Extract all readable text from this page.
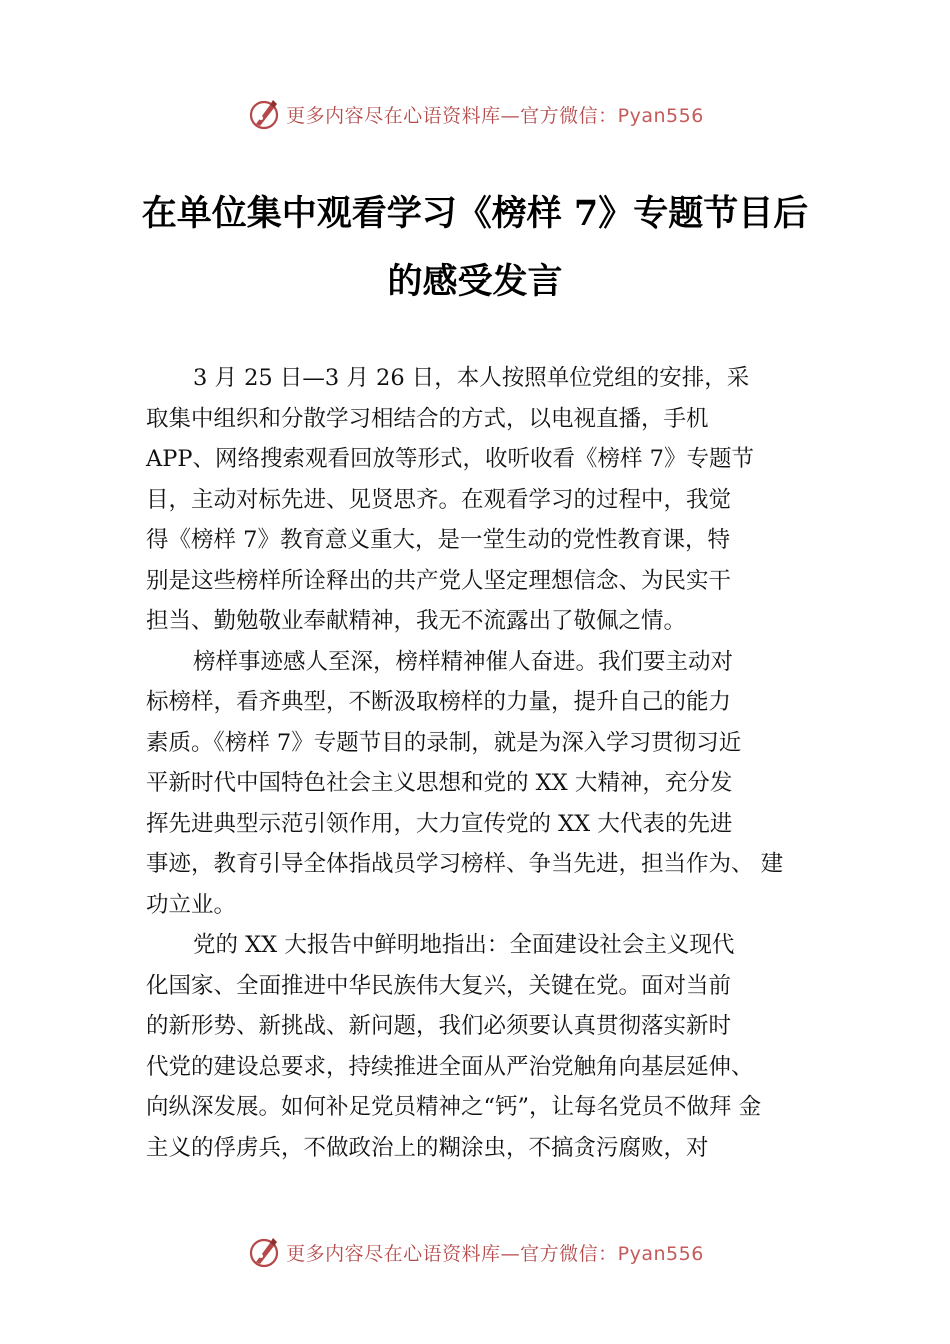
更多内容尽在心语资料库—官方微信：Pyan556
在单位集中观看学习《榜样 7》专题节目后
的感受发言
3 月 25 日—3 月 26 日，本人按照单位党组的安排，采
取集中组织和分散学习相结合的方式，以电视直播，手机
APP、网络搜索观看回放等形式，收听收看《榜样 7》专题节
目，主动对标先进、见贤思齐。在观看学习的过程中，我觉
得《榜样 7》教育意义重大，是一堂生动的党性教育课，特
别是这些榜样所诠释出的共产党人坚定理想信念、为民实干
担当、勤勉敬业奉献精神，我无不流露出了敬佩之情。
榜样事迹感人至深，榜样精神催人奋进。我们要主动对
标榜样，看齐典型，不断汲取榜样的力量，提升自己的能力
素质。《榜样 7》专题节目的录制，就是为深入学习贯彻习近
平新时代中国特色社会主义思想和党的 XX 大精神，充分发
挥先进典型示范引领作用，大力宣传党的 XX 大代表的先进
事迹，教育引导全体指战员学习榜样、争当先进，担当作为、 建
功立业。
党的 XX 大报告中鲜明地指出：全面建设社会主义现代
化国家、全面推进中华民族伟大复兴，关键在党。面对当前
的新形势、新挑战、新问题，我们必须要认真贯彻落实新时
代党的建设总要求，持续推进全面从严治党触角向基层延伸、
向纵深发展。如何补足党员精神之“钙”，让每名党员不做拜 金
主义的俘虏兵，不做政治上的糊涂虫，不搞贪污腐败，对
更多内容尽在心语资料库—官方微信：Pyan556
